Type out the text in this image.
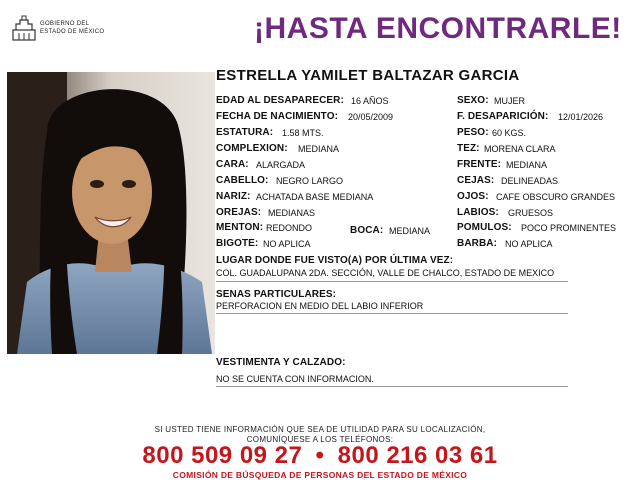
GOBIERNO DEL
ESTADO DE MÉXICO	¡HASTA ENCONTRARLE!
ESTRELLA YAMILET BALTAZAR GARCIA
EDAD AL DESAPARECER: 16 AÑOS
FECHA DE NACIMIENTO: 20/05/2009
ESTATURA: 1.58 MTS.
COMPLEXION: MEDIANA
CARA: ALARGADA
CABELLO: NEGRO LARGO
NARIZ: ACHATADA BASE MEDIANA
OREJAS: MEDIANAS
MENTON: REDONDO	BOCA: MEDIANA
BIGOTE: NO APLICA
SEXO: MUJER
F. DESAPARICIÓN: 12/01/2026
PESO: 60 KGS.
TEZ: MORENA CLARA
FRENTE: MEDIANA
CEJAS: DELINEADAS
OJOS: CAFE OBSCURO GRANDES
LABIOS: GRUESOS
POMULOS: POCO PROMINENTES
BARBA: NO APLICA
LUGAR DONDE FUE VISTO(A) POR ÚLTIMA VEZ:
COL. GUADALUPANA 2DA. SECCIÓN, VALLE DE CHALCO, ESTADO DE MEXICO
SENAS PARTICULARES:
PERFORACION EN MEDIO DEL LABIO INFERIOR
VESTIMENTA Y CALZADO:
NO SE CUENTA CON INFORMACION.
SI USTED TIENE INFORMACIÓN QUE SEA DE UTILIDAD PARA SU LOCALIZACIÓN,
COMUNÍQUESE A LOS TELÉFONOS:
800 509 09 27 • 800 216 03 61
COMISIÓN DE BÚSQUEDA DE PERSONAS DEL ESTADO DE MÉXICO
